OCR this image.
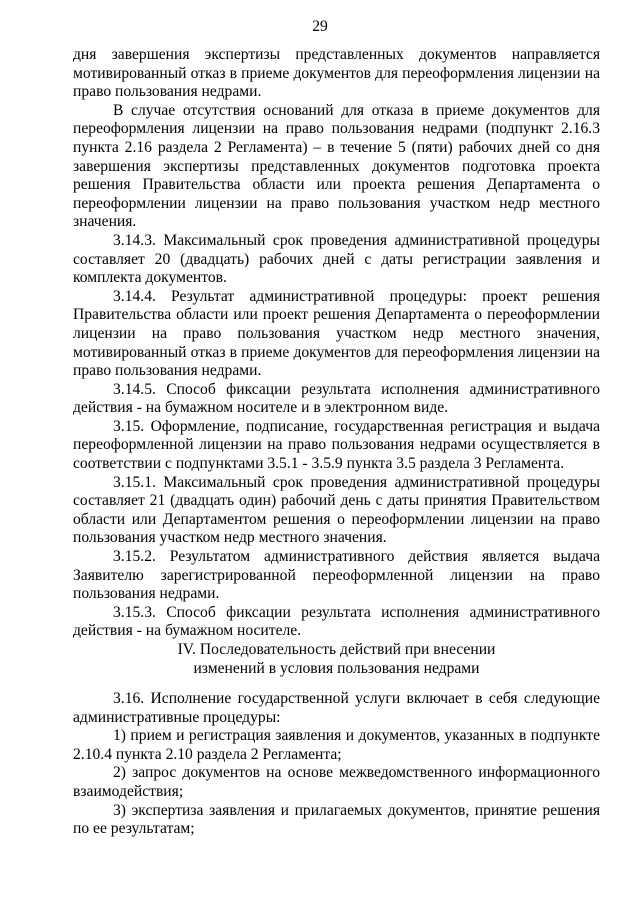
29

дня завершения экспертизы представленных документов направляется мотивированный отказ в приеме документов для переоформления лицензии на право пользования недрами.

В случае отсутствия оснований для отказа в приеме документов для переоформления лицензии на право пользования недрами (подпункт 2.16.3 пункта 2.16 раздела 2 Регламента) – в течение 5 (пяти) рабочих дней со дня завершения экспертизы представленных документов подготовка проекта решения Правительства области или проекта решения Департамента о переоформлении лицензии на право пользования участком недр местного значения.

3.14.3. Максимальный срок проведения административной процедуры составляет 20 (двадцать) рабочих дней с даты регистрации заявления и комплекта документов.

3.14.4. Результат административной процедуры: проект решения Правительства области или проект решения Департамента о переоформлении лицензии на право пользования участком недр местного значения, мотивированный отказ в приеме документов для переоформления лицензии на право пользования недрами.

3.14.5. Способ фиксации результата исполнения административного действия - на бумажном носителе и в электронном виде.

3.15. Оформление, подписание, государственная регистрация и выдача переоформленной лицензии на право пользования недрами осуществляется в соответствии с подпунктами 3.5.1 - 3.5.9 пункта 3.5 раздела 3 Регламента.

3.15.1. Максимальный срок проведения административной процедуры составляет 21 (двадцать один) рабочий день с даты принятия Правительством области или Департаментом решения о переоформлении лицензии на право пользования участком недр местного значения.

3.15.2. Результатом административного действия является выдача Заявителю зарегистрированной переоформленной лицензии на право пользования недрами.

3.15.3. Способ фиксации результата исполнения административного действия - на бумажном носителе.

IV. Последовательность действий при внесении
изменений в условия пользования недрами

3.16. Исполнение государственной услуги включает в себя следующие административные процедуры:

1) прием и регистрация заявления и документов, указанных в подпункте 2.10.4 пункта 2.10 раздела 2 Регламента;

2) запрос документов на основе межведомственного информационного взаимодействия;

3) экспертиза заявления и прилагаемых документов, принятие решения по ее результатам;
